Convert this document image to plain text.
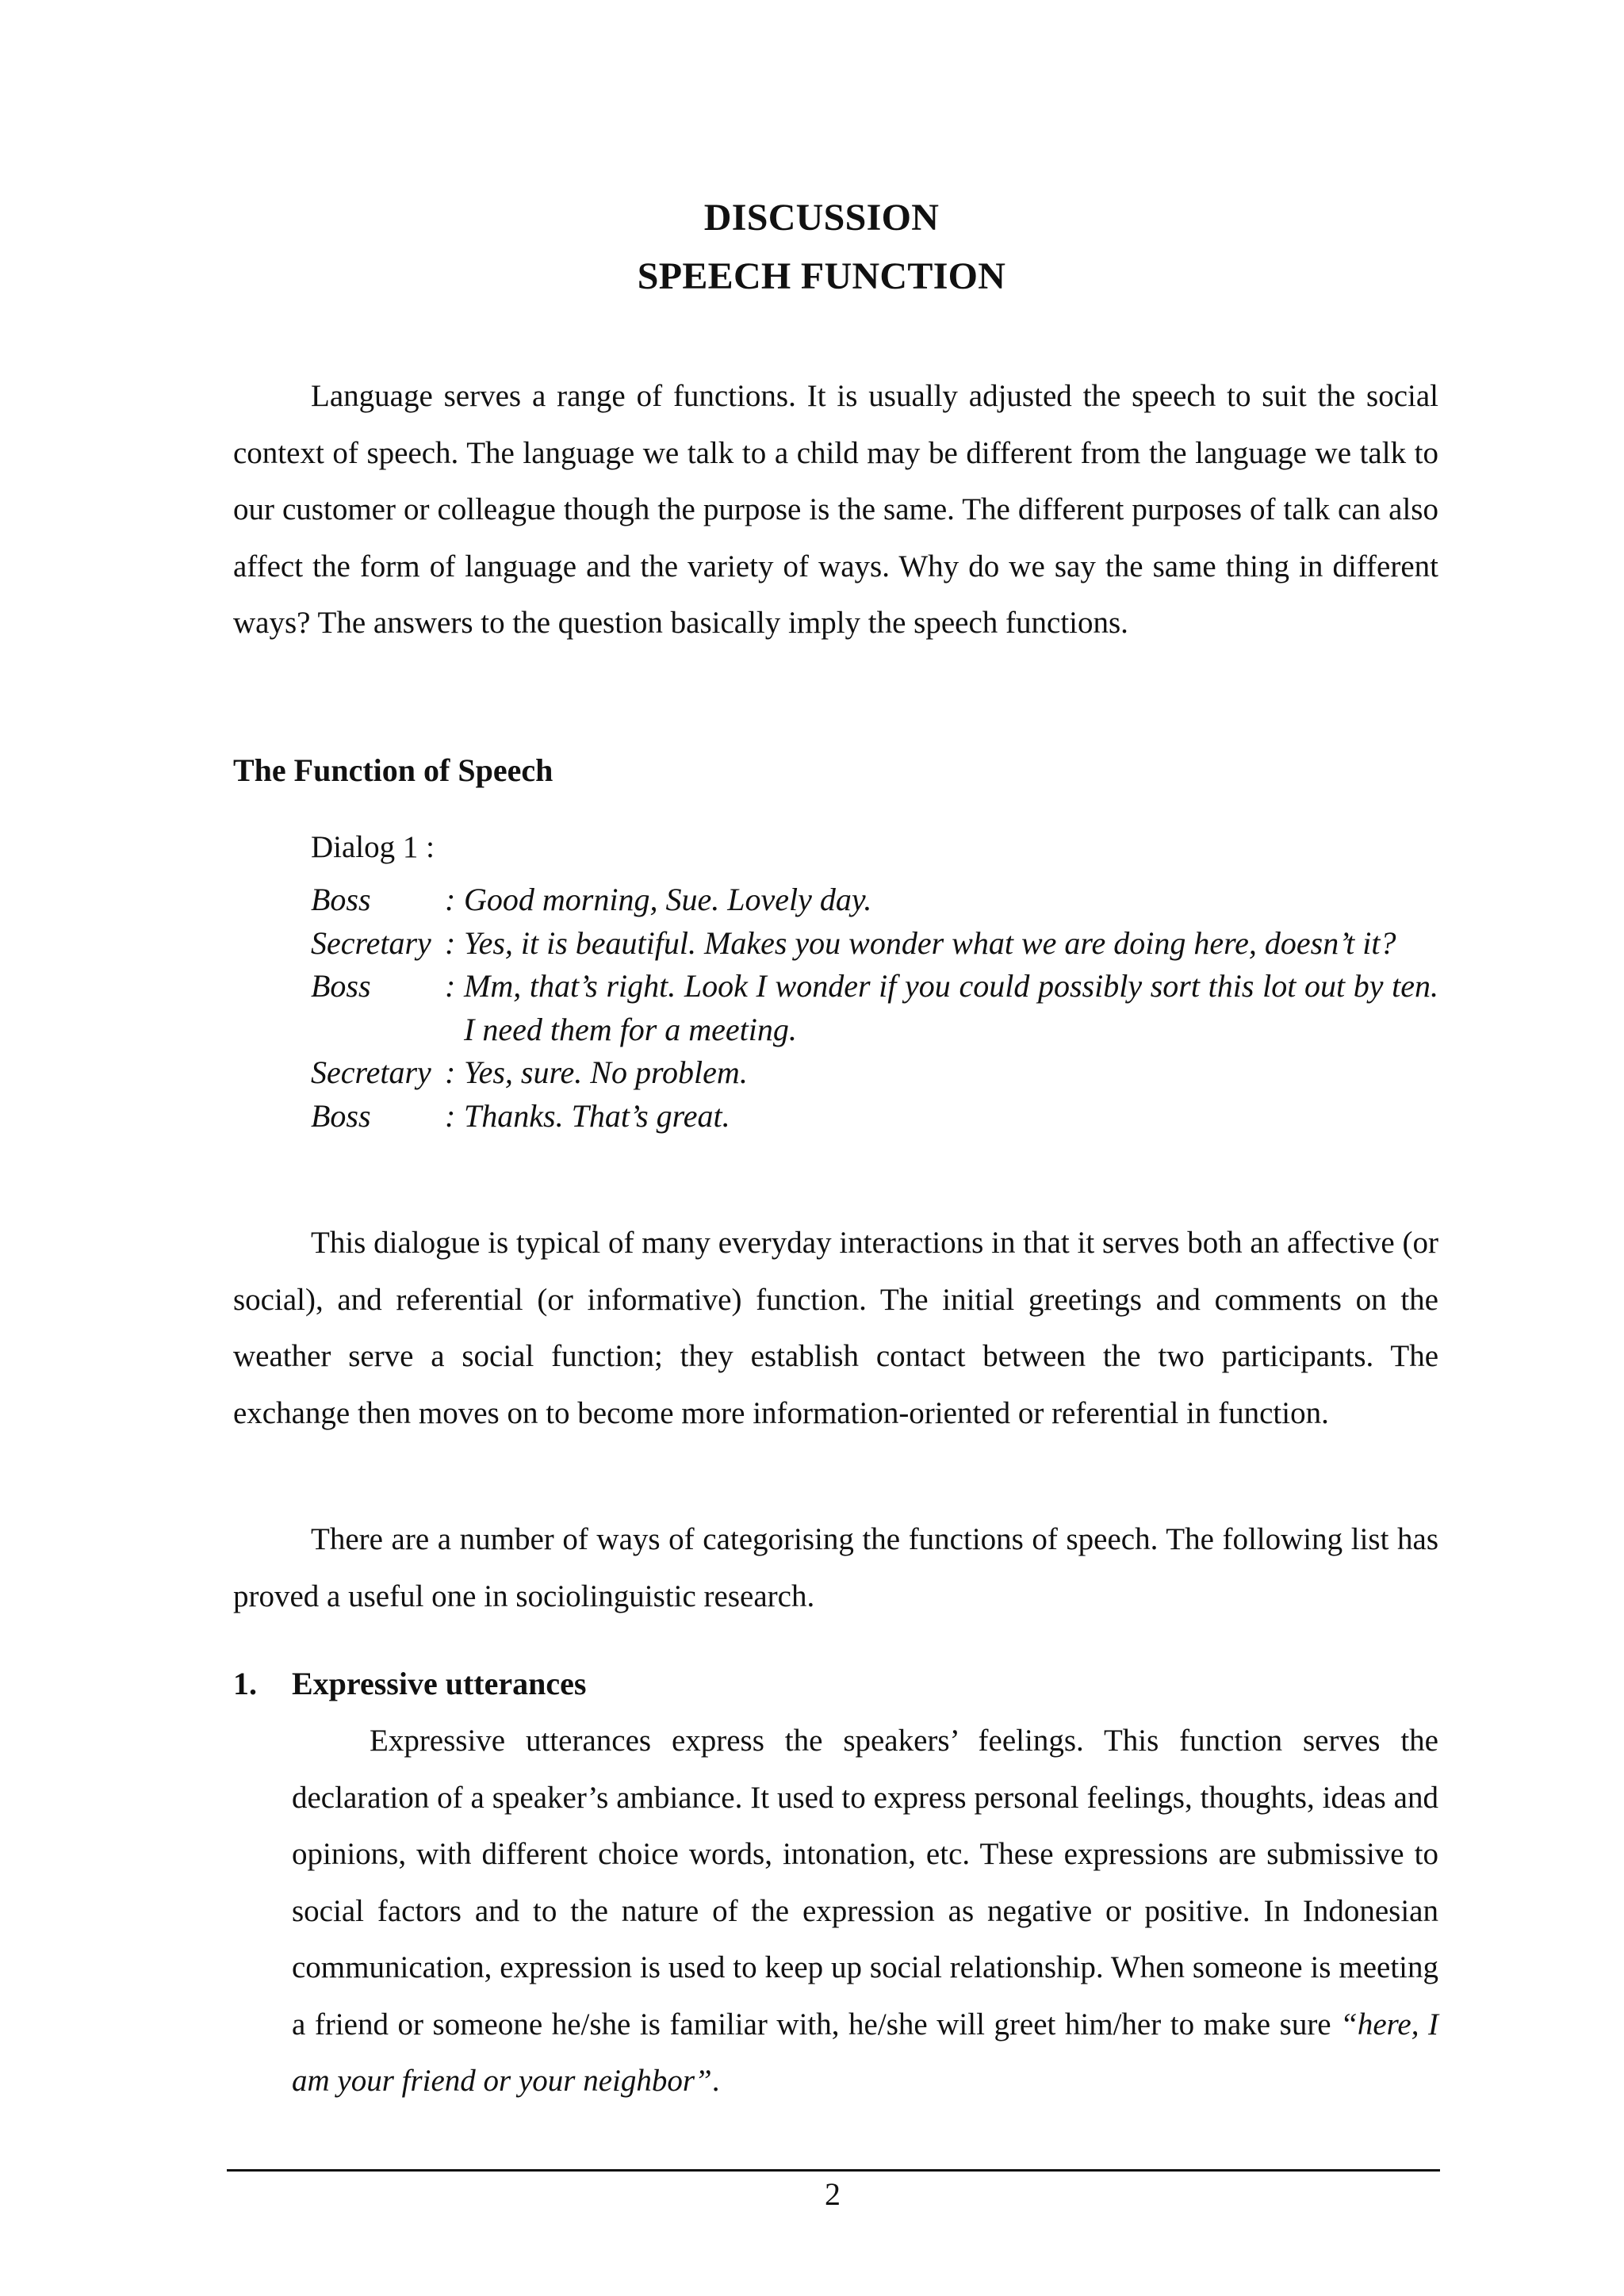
DISCUSSION
SPEECH FUNCTION

Language serves a range of functions. It is usually adjusted the speech to suit the social context of speech. The language we talk to a child may be different from the language we talk to our customer or colleague though the purpose is the same. The different purposes of talk can also affect the form of language and the variety of ways. Why do we say the same thing in different ways? The answers to the question basically imply the speech functions.

The Function of Speech

Dialog 1 :
Boss : Good morning, Sue. Lovely day.
Secretary : Yes, it is beautiful. Makes you wonder what we are doing here, doesn’t it?
Boss : Mm, that’s right. Look I wonder if you could possibly sort this lot out by ten. I need them for a meeting.
Secretary : Yes, sure. No problem.
Boss : Thanks. That’s great.

This dialogue is typical of many everyday interactions in that it serves both an affective (or social), and referential (or informative) function. The initial greetings and comments on the weather serve a social function; they establish contact between the two participants. The exchange then moves on to become more information-oriented or referential in function.

There are a number of ways of categorising the functions of speech. The following list has proved a useful one in sociolinguistic research.

1. Expressive utterances

Expressive utterances express the speakers’ feelings. This function serves the declaration of a speaker’s ambiance. It used to express personal feelings, thoughts, ideas and opinions, with different choice words, intonation, etc. These expressions are submissive to social factors and to the nature of the expression as negative or positive. In Indonesian communication, expression is used to keep up social relationship. When someone is meeting a friend or someone he/she is familiar with, he/she will greet him/her to make sure “here, I am your friend or your neighbor”.

2
